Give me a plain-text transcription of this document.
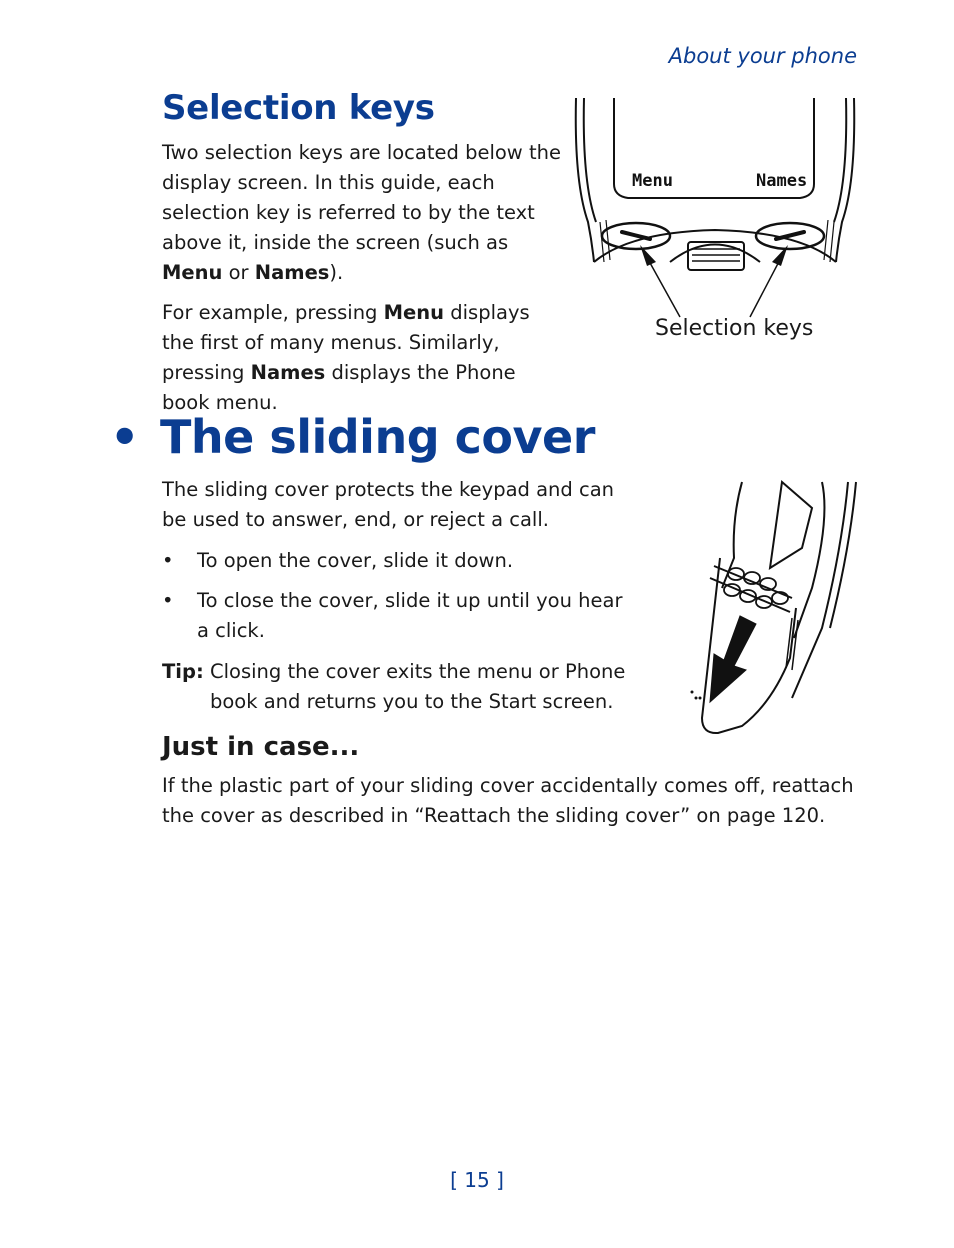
About your phone
Selection keys
Two selection keys are located below the display screen. In this guide, each selection key is referred to by the text above it, inside the screen (such as Menu or Names).
For example, pressing Menu displays the first of many menus. Similarly, pressing Names displays the Phone book menu.
Menu	Names
Selection keys
• The sliding cover
The sliding cover protects the keypad and can be used to answer, end, or reject a call.
• To open the cover, slide it down.
• To close the cover, slide it up until you hear a click.
Tip: Closing the cover exits the menu or Phone book and returns you to the Start screen.
Just in case...
If the plastic part of your sliding cover accidentally comes off, reattach the cover as described in “Reattach the sliding cover” on page 120.
[ 15 ]
